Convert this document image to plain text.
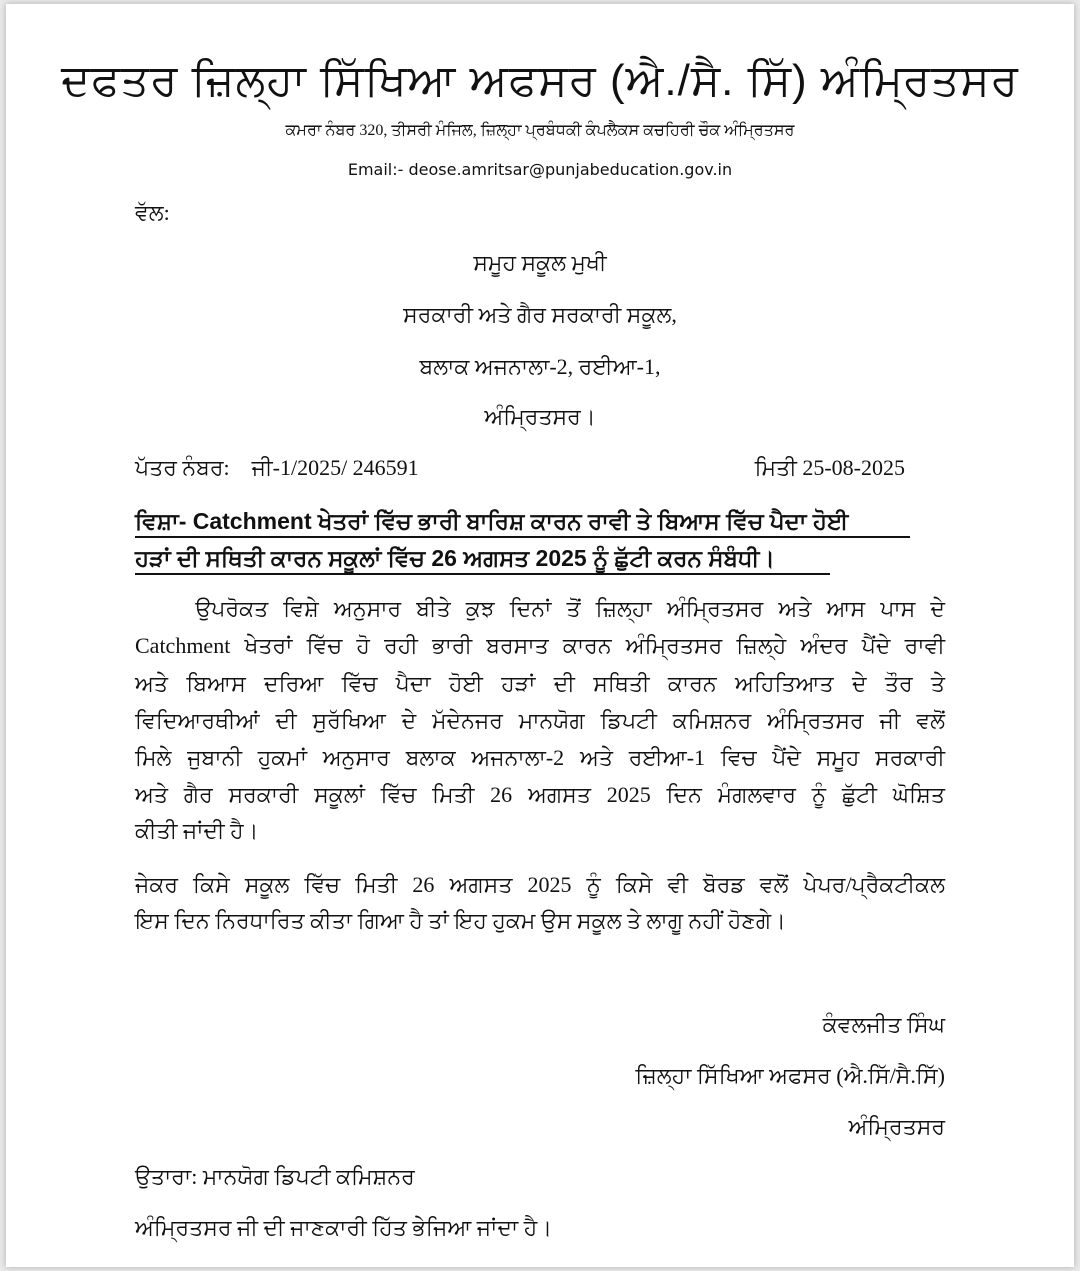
ਦਫਤਰ ਜ਼ਿਲ੍ਹਾ ਸਿੱਖਿਆ ਅਫਸਰ (ਐ./ਸੈ. ਸਿੱ) ਅੰਮ੍ਰਿਤਸਰ
ਕਮਰਾ ਨੰਬਰ 320, ਤੀਸਰੀ ਮੰਜਿਲ, ਜ਼ਿਲ੍ਹਾ ਪ੍ਰਬੰਧਕੀ ਕੰਪਲੈਕਸ ਕਚਹਿਰੀ ਚੌਕ ਅੰਮ੍ਰਿਤਸਰ
Email:- deose.amritsar@punjabeducation.gov.in
ਵੱਲ:
ਸਮੂਹ ਸਕੂਲ ਮੁਖੀ
ਸਰਕਾਰੀ ਅਤੇ ਗੈਰ ਸਰਕਾਰੀ ਸਕੂਲ,
ਬਲਾਕ ਅਜਨਾਲਾ-2, ਰਈਆ-1,
ਅੰਮ੍ਰਿਤਸਰ।
ਪੱਤਰ ਨੰਬਰ:    ਜੀ-1/2025/ 246591	ਮਿਤੀ 25-08-2025
ਵਿਸ਼ਾ- Catchment ਖੇਤਰਾਂ ਵਿੱਚ ਭਾਰੀ ਬਾਰਿਸ਼ ਕਾਰਨ ਰਾਵੀ ਤੇ ਬਿਆਸ ਵਿੱਚ ਪੈਦਾ ਹੋਈ
ਹੜਾਂ ਦੀ ਸਥਿਤੀ ਕਾਰਨ ਸਕੂਲਾਂ ਵਿੱਚ 26 ਅਗਸਤ 2025 ਨੂੰ ਛੁੱਟੀ ਕਰਨ ਸੰਬੰਧੀ।
ਉਪਰੋਕਤ ਵਿਸ਼ੇ ਅਨੁਸਾਰ ਬੀਤੇ ਕੁਝ ਦਿਨਾਂ ਤੋਂ ਜ਼ਿਲ੍ਹਾ ਅੰਮ੍ਰਿਤਸਰ ਅਤੇ ਆਸ ਪਾਸ ਦੇ
Catchment ਖੇਤਰਾਂ ਵਿੱਚ ਹੋ ਰਹੀ ਭਾਰੀ ਬਰਸਾਤ ਕਾਰਨ ਅੰਮ੍ਰਿਤਸਰ ਜ਼ਿਲ੍ਹੇ ਅੰਦਰ ਪੈਂਦੇ ਰਾਵੀ
ਅਤੇ ਬਿਆਸ ਦਰਿਆ ਵਿੱਚ ਪੈਦਾ ਹੋਈ ਹੜਾਂ ਦੀ ਸਥਿਤੀ ਕਾਰਨ ਅਹਿਤਿਆਤ ਦੇ ਤੌਰ ਤੇ
ਵਿਦਿਆਰਥੀਆਂ ਦੀ ਸੁਰੱਖਿਆ ਦੇ ਮੱਦੇਨਜਰ ਮਾਨਯੋਗ ਡਿਪਟੀ ਕਮਿਸ਼ਨਰ ਅੰਮ੍ਰਿਤਸਰ ਜੀ ਵਲੋਂ
ਮਿਲੇ ਜੁਬਾਨੀ ਹੁਕਮਾਂ ਅਨੁਸਾਰ ਬਲਾਕ ਅਜਨਾਲਾ-2 ਅਤੇ ਰਈਆ-1 ਵਿਚ ਪੈਂਦੇ ਸਮੂਹ ਸਰਕਾਰੀ
ਅਤੇ ਗੈਰ ਸਰਕਾਰੀ ਸਕੂਲਾਂ ਵਿੱਚ ਮਿਤੀ 26 ਅਗਸਤ 2025 ਦਿਨ ਮੰਗਲਵਾਰ ਨੂੰ ਛੁੱਟੀ ਘੋਸ਼ਿਤ
ਕੀਤੀ ਜਾਂਦੀ ਹੈ।
ਜੇਕਰ ਕਿਸੇ ਸਕੂਲ ਵਿੱਚ ਮਿਤੀ 26 ਅਗਸਤ 2025 ਨੂੰ ਕਿਸੇ ਵੀ ਬੋਰਡ ਵਲੋਂ ਪੇਪਰ/ਪ੍ਰੈਕਟੀਕਲ
ਇਸ ਦਿਨ ਨਿਰਧਾਰਿਤ ਕੀਤਾ ਗਿਆ ਹੈ ਤਾਂ ਇਹ ਹੁਕਮ ਉਸ ਸਕੂਲ ਤੇ ਲਾਗੂ ਨਹੀਂ ਹੋਣਗੇ।
ਕੰਵਲਜੀਤ ਸਿੰਘ
ਜ਼ਿਲ੍ਹਾ ਸਿੱਖਿਆ ਅਫਸਰ (ਐ.ਸਿੱ/ਸੈ.ਸਿੱ)
ਅੰਮ੍ਰਿਤਸਰ
ਉਤਾਰਾ: ਮਾਨਯੋਗ ਡਿਪਟੀ ਕਮਿਸ਼ਨਰ
ਅੰਮ੍ਰਿਤਸਰ ਜੀ ਦੀ ਜਾਣਕਾਰੀ ਹਿੱਤ ਭੇਜਿਆ ਜਾਂਦਾ ਹੈ।
